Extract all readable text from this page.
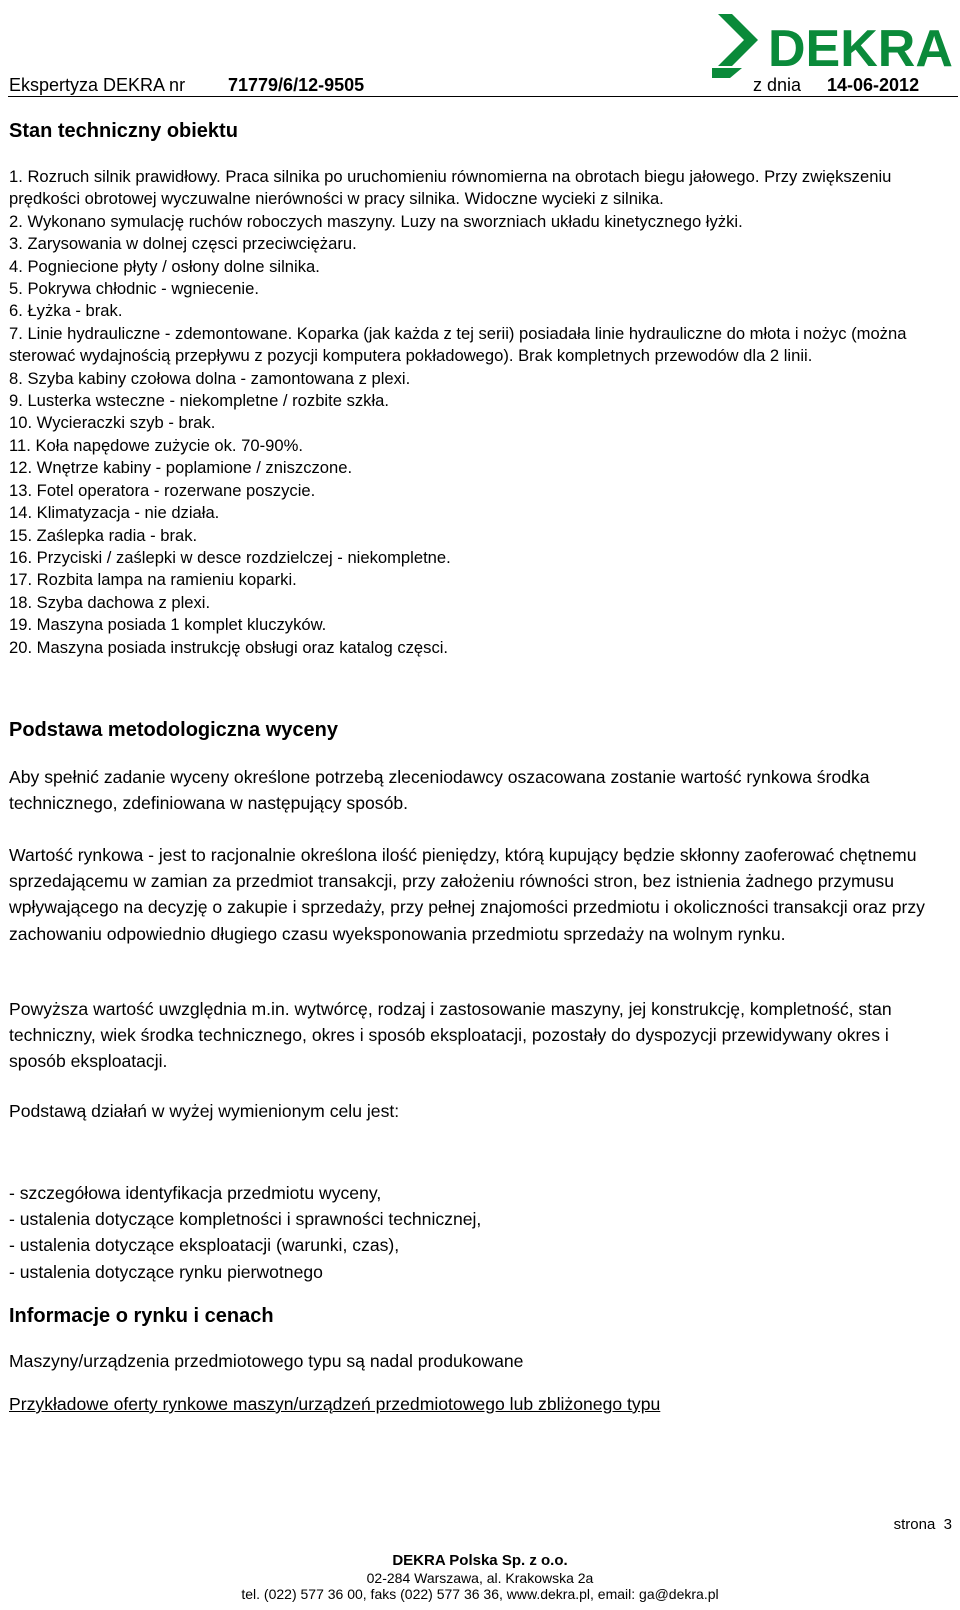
DEKRA
Ekspertyza DEKRA nr 71779/6/12-9505	z dnia 14-06-2012
Stan techniczny obiektu
1. Rozruch silnik prawidłowy. Praca silnika po uruchomieniu równomierna na obrotach biegu jałowego. Przy zwiększeniu prędkości obrotowej wyczuwalne nierówności w pracy silnika. Widoczne wycieki z silnika.
2. Wykonano symulację ruchów roboczych maszyny. Luzy na sworzniach układu kinetycznego łyżki.
3. Zarysowania w dolnej częsci przeciwciężaru.
4. Pogniecione płyty / osłony dolne silnika.
5. Pokrywa chłodnic - wgniecenie.
6. Łyżka - brak.
7. Linie hydrauliczne - zdemontowane. Koparka (jak każda z tej serii) posiadała linie hydrauliczne do młota i nożyc (można sterować wydajnością przepływu z pozycji komputera pokładowego). Brak kompletnych przewodów dla 2 linii.
8. Szyba kabiny czołowa dolna - zamontowana z plexi.
9. Lusterka wsteczne - niekompletne / rozbite szkła.
10. Wycieraczki szyb - brak.
11. Koła napędowe zużycie ok. 70-90%.
12. Wnętrze kabiny - poplamione / zniszczone.
13. Fotel operatora - rozerwane poszycie.
14. Klimatyzacja - nie działa.
15. Zaślepka radia - brak.
16. Przyciski / zaślepki w desce rozdzielczej - niekompletne.
17. Rozbita lampa na ramieniu koparki.
18. Szyba dachowa z plexi.
19. Maszyna posiada 1 komplet kluczyków.
20. Maszyna posiada instrukcję obsługi oraz katalog częsci.
Podstawa metodologiczna wyceny

Aby spełnić zadanie wyceny określone potrzebą zleceniodawcy oszacowana zostanie wartość rynkowa środka technicznego, zdefiniowana w następujący sposób.

Wartość rynkowa - jest to racjonalnie określona ilość pieniędzy, którą kupujący będzie skłonny zaoferować chętnemu sprzedającemu w zamian za przedmiot transakcji, przy założeniu równości stron, bez istnienia żadnego przymusu wpływającego na decyzję o zakupie i sprzedaży, przy pełnej znajomości przedmiotu i okoliczności transakcji oraz przy zachowaniu odpowiednio długiego czasu wyeksponowania przedmiotu sprzedaży na wolnym rynku.

Powyższa wartość uwzględnia m.in. wytwórcę, rodzaj i zastosowanie maszyny, jej konstrukcję, kompletność, stan techniczny, wiek środka technicznego, okres i sposób eksploatacji, pozostały do dyspozycji przewidywany okres i sposób eksploatacji.

Podstawą działań w wyżej wymienionym celu jest:

- szczegółowa identyfikacja przedmiotu wyceny,
- ustalenia dotyczące kompletności i sprawności technicznej,
- ustalenia dotyczące eksploatacji (warunki, czas),
- ustalenia dotyczące rynku pierwotnego
Informacje o rynku i cenach

Maszyny/urządzenia przedmiotowego typu są nadal produkowane

Przykładowe oferty rynkowe maszyn/urządzeń przedmiotowego lub zbliżonego typu

strona 3
DEKRA Polska Sp. z o.o.
02-284 Warszawa, al. Krakowska 2a
tel. (022) 577 36 00, faks (022) 577 36 36, www.dekra.pl, email: ga@dekra.pl
